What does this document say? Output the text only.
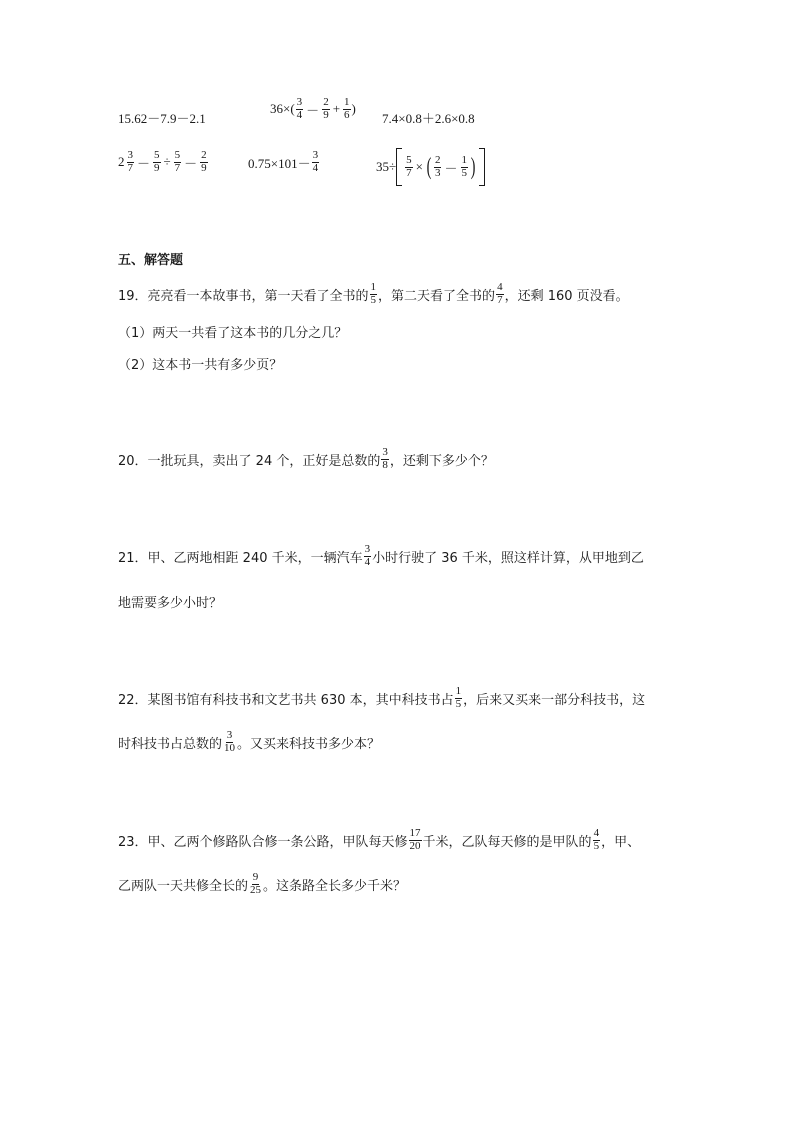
15.62－7.9－2.1
$36\times( \frac{3}{4} - \frac{2}{9} + \frac{1}{6}$ )
7.4×0.8＋2.6×0.8
$2 \frac{3}{7} - \frac{5}{9} \div \frac{5}{7} - \frac{2}{9}$	$0.75\times 101- \frac{3}{4}$	$35\div \frac{5}{7}$ × ( $\frac{2}{3} - \frac{1}{5}$ )
五、解答题
19．亮亮看一本故事书，第一天看了全书的 $\frac{1}{5}$ ，第二天看了全书的 $\frac{4}{7}$ ，还剩 160 页没看。
（1）两天一共看了这本书的几分之几？
（2）这本书一共有多少页？
20．一批玩具，卖出了 24 个，正好是总数的 $\frac{3}{8}$ ，还剩下多少个？
21．甲、乙两地相距 240 千米，一辆汽车 $\frac{3}{4}$ 小时行驶了 36 千米，照这样计算，从甲地到乙
地需要多少小时？
22．某图书馆有科技书和文艺书共 630 本，其中科技书占 $\frac{1}{5}$ ，后来又买来一部分科技书，这
时科技书占总数的 $\frac{3}{10}$ 。又买来科技书多少本？
23．甲、乙两个修路队合修一条公路，甲队每天修 $\frac{17}{20}$ 千米，乙队每天修的是甲队的 $\frac{4}{5}$ ，甲、
乙两队一天共修全长的 $\frac{9}{25}$ 。这条路全长多少千米？
